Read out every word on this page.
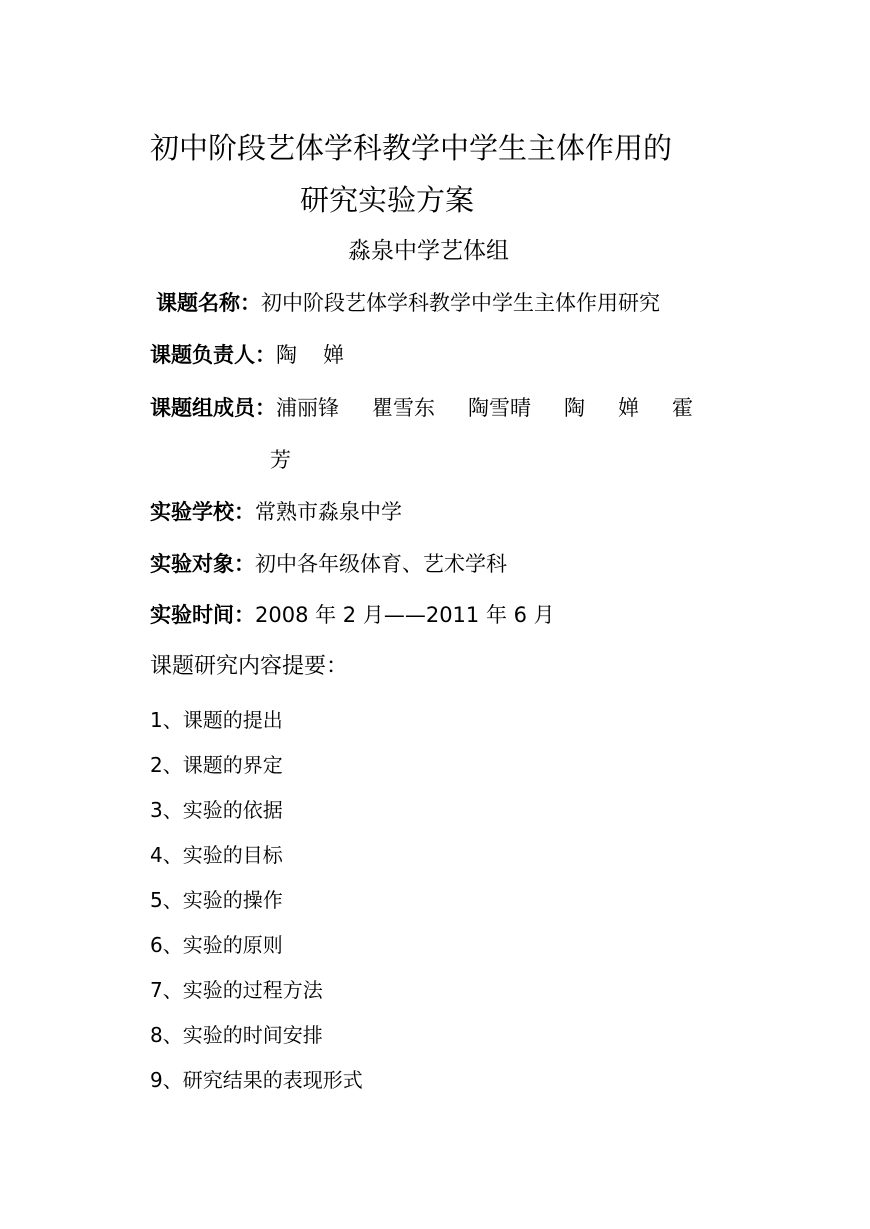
初中阶段艺体学科教学中学生主体作用的
研究实验方案
淼泉中学艺体组
课题名称：初中阶段艺体学科教学中学生主体作用研究
课题负责人：陶 婵
课题组成员：浦丽锋 瞿雪东 陶雪晴 陶 婵 霍
芳
实验学校：常熟市淼泉中学
实验对象：初中各年级体育、艺术学科
实验时间：2008 年 2 月——2011 年 6 月
课题研究内容提要：
1、课题的提出
2、课题的界定
3、实验的依据
4、实验的目标
5、实验的操作
6、实验的原则
7、实验的过程方法
8、实验的时间安排
9、研究结果的表现形式
